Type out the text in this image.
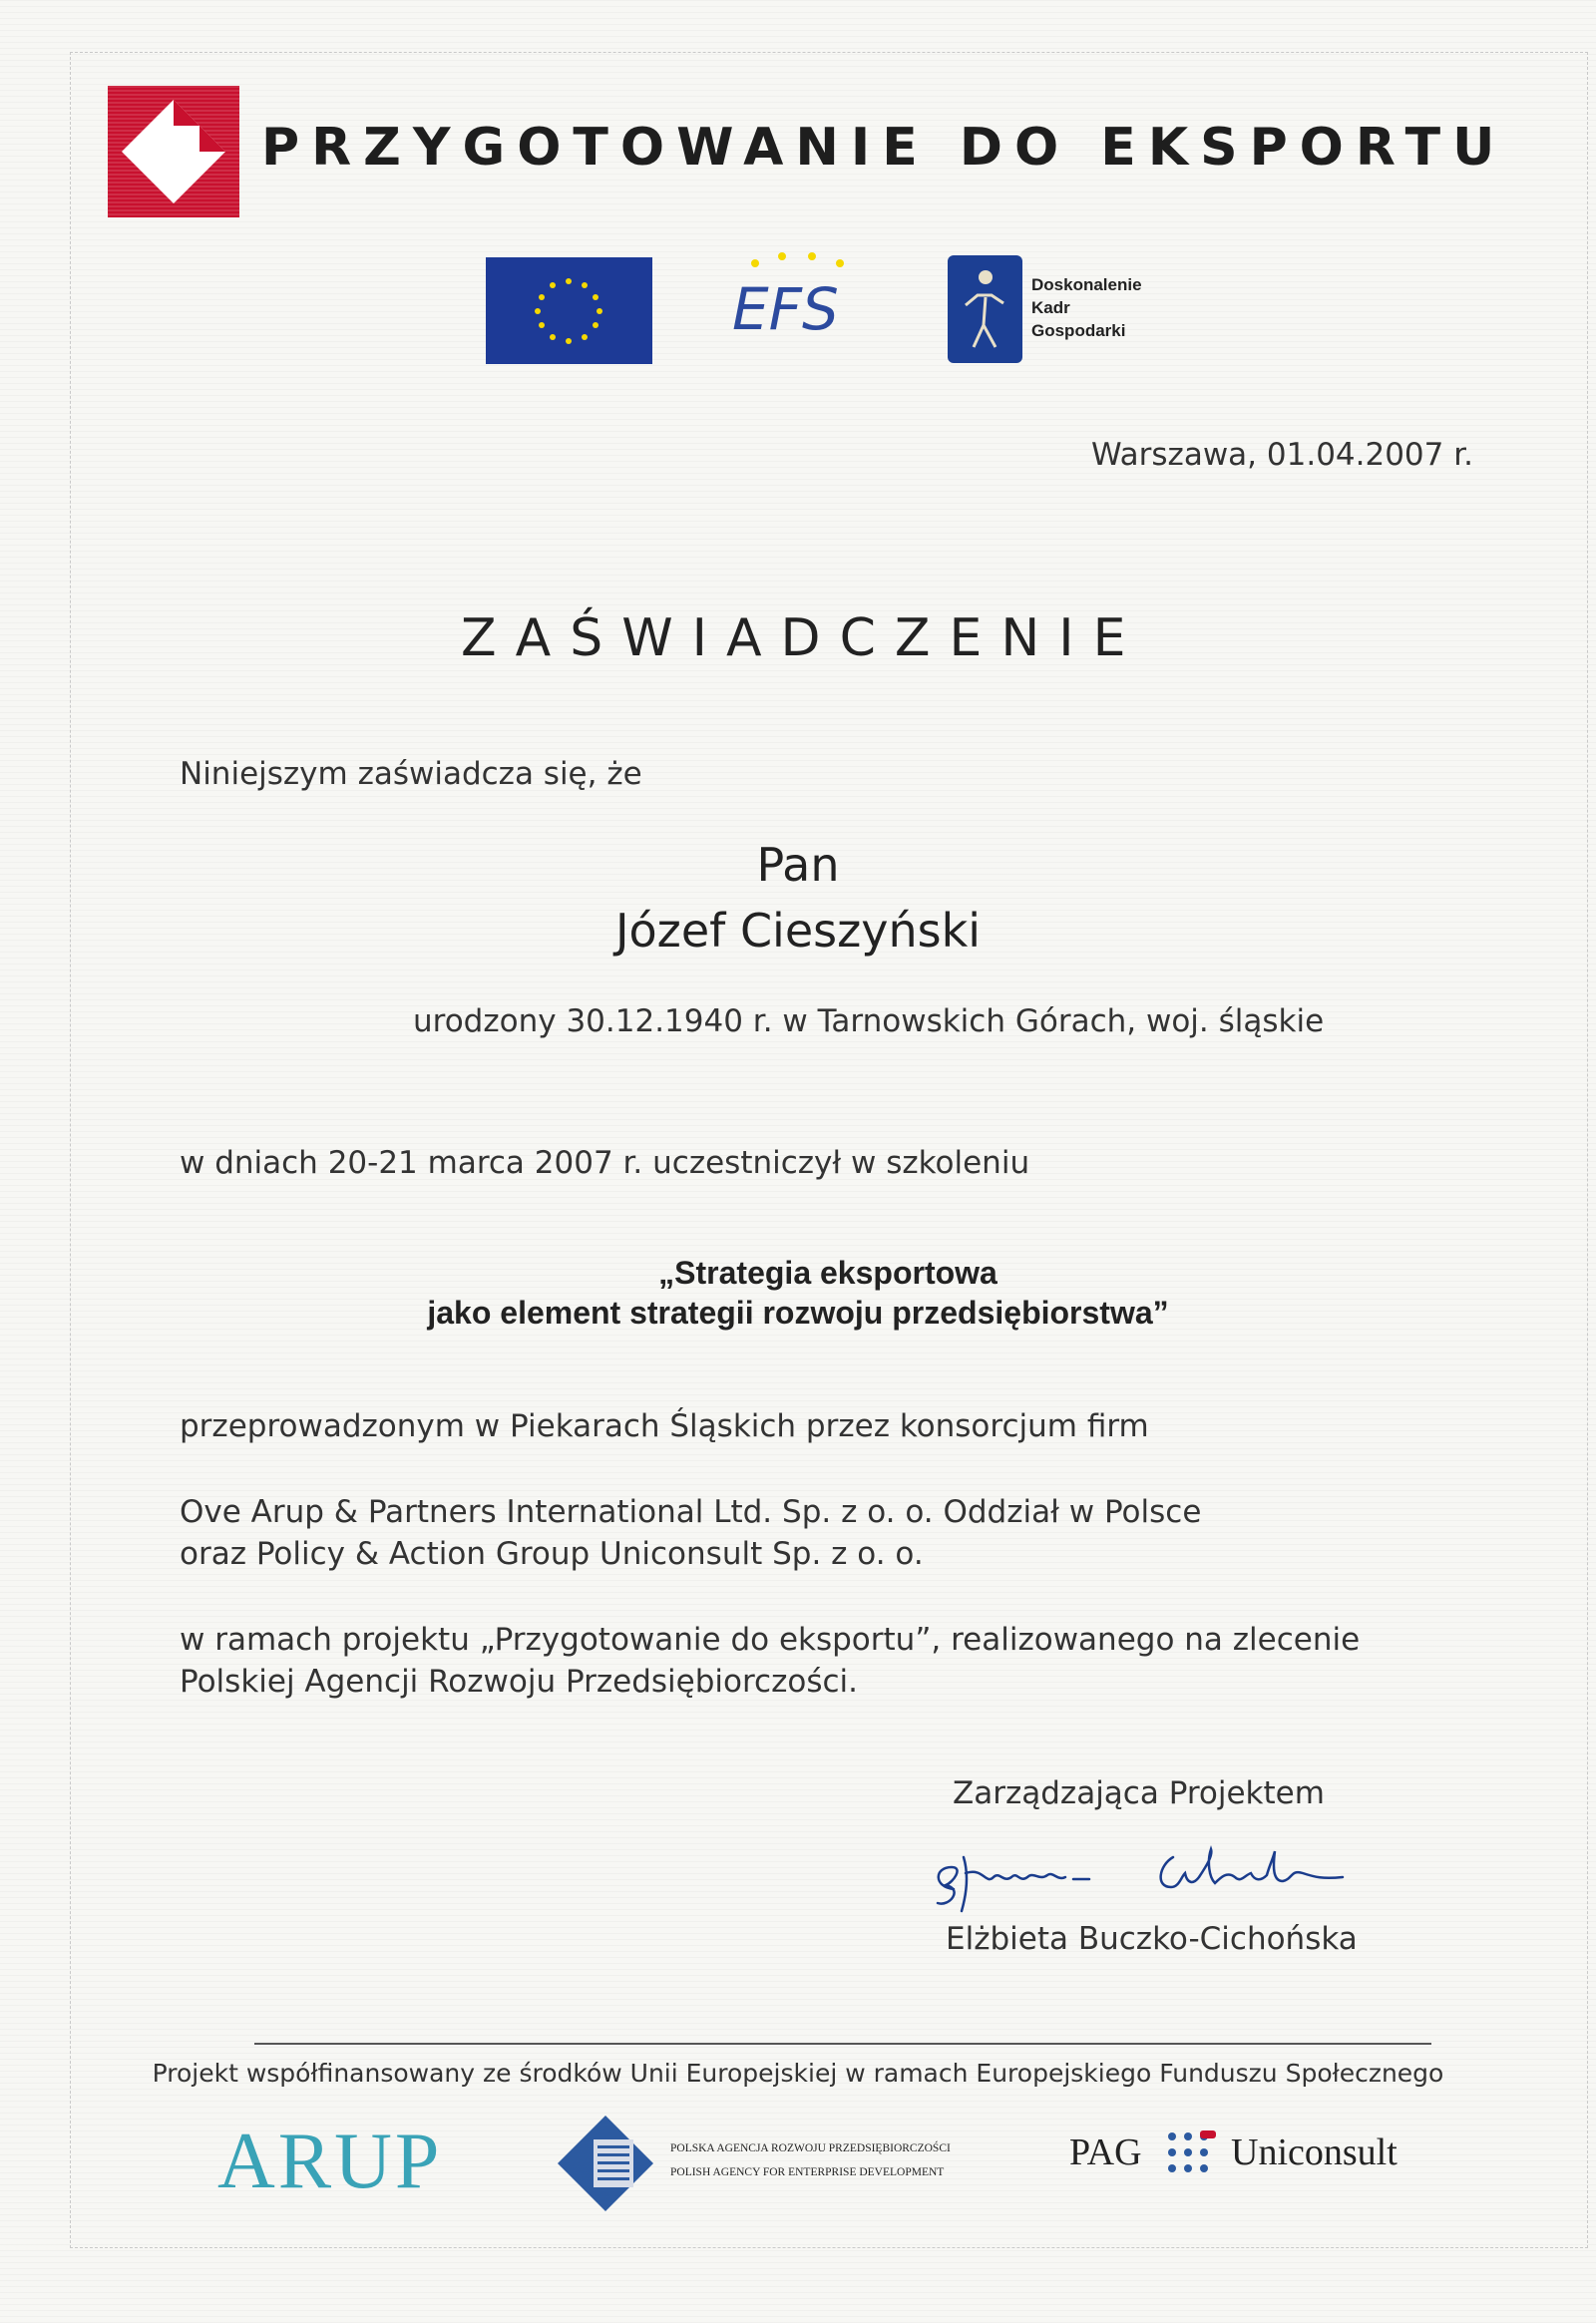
PRZYGOTOWANIE DO EKSPORTU
EFS	Doskonalenie
Kadr
Gospodarki
Warszawa, 01.04.2007 r.
ZAŚWIADCZENIE
Niniejszym zaświadcza się, że
Pan
Józef Cieszyński
urodzony 30.12.1940 r. w Tarnowskich Górach, woj. śląskie
w dniach 20-21 marca 2007 r. uczestniczył w szkoleniu
„Strategia eksportowa
jako element strategii rozwoju przedsiębiorstwa”
przeprowadzonym w Piekarach Śląskich przez konsorcjum firm
Ove Arup & Partners International Ltd. Sp. z o. o. Oddział w Polsce
oraz Policy & Action Group Uniconsult Sp. z o. o.
w ramach projektu „Przygotowanie do eksportu”, realizowanego na zlecenie
Polskiej Agencji Rozwoju Przedsiębiorczości.
Zarządzająca Projektem
Elżbieta Buczko-Cichońska
Projekt współfinansowany ze środków Unii Europejskiej w ramach Europejskiego Funduszu Społecznego
ARUP	POLSKA AGENCJA ROZWOJU PRZEDSIĘBIORCZOŚCI
POLISH AGENCY FOR ENTERPRISE DEVELOPMENT	PAG Uniconsult
